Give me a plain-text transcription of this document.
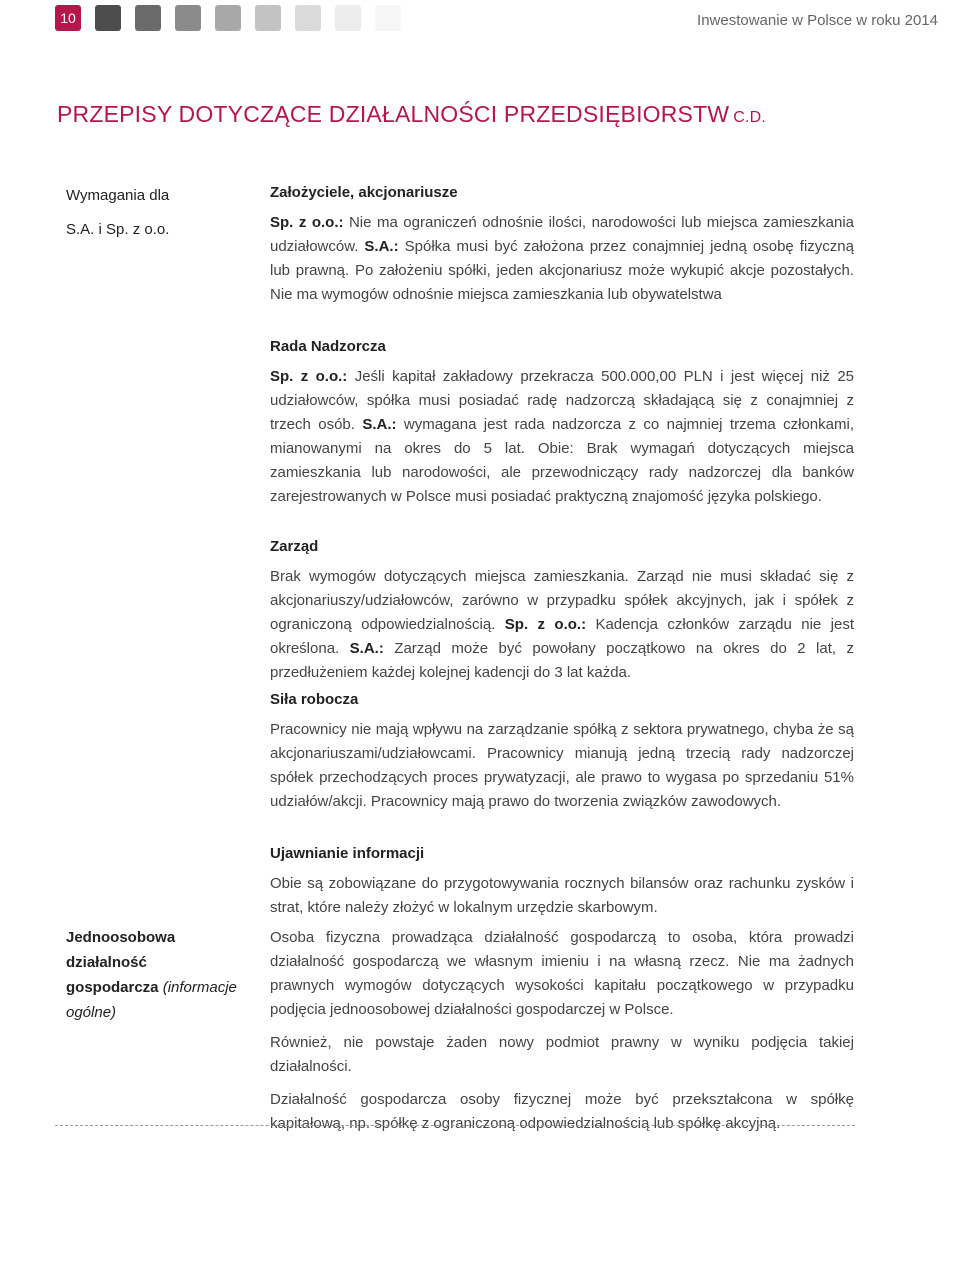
10	Inwestowanie w Polsce w roku 2014
PRZEPISY DOTYCZĄCE DZIAŁALNOŚCI PRZEDSIĘBIORSTW C.D.
Wymagania dla
S.A. i Sp. z o.o.
Jednoosobowa
działalność
gospodarcza (informacje
ogólne)
Założyciele, akcjonariusze

Sp. z o.o.: Nie ma ograniczeń odnośnie ilości, narodowości lub miejsca zamieszkania udziałowców. S.A.: Spółka musi być założona przez conajmniej jedną osobę fizyczną lub prawną. Po założeniu spółki, jeden akcjonariusz może wykupić akcje pozostałych. Nie ma wymogów odnośnie miejsca zamieszkania lub obywatelstwa

Rada Nadzorcza

Sp. z o.o.: Jeśli kapitał zakładowy przekracza 500.000,00 PLN i jest więcej niż 25 udziałowców, spółka musi posiadać radę nadzorczą składającą się z conajmniej z trzech osób. S.A.: wymagana jest rada nadzorcza z co najmniej trzema członkami, mianowanymi na okres do 5 lat. Obie: Brak wymagań dotyczących miejsca zamieszkania lub narodowości, ale przewodniczący rady nadzorczej dla banków zarejestrowanych w Polsce musi posiadać praktyczną znajomość języka polskiego.

Zarząd

Brak wymogów dotyczących miejsca zamieszkania. Zarząd nie musi składać się z akcjonariuszy/udziałowców, zarówno w przypadku spółek akcyjnych, jak i spółek z ograniczoną odpowiedzialnością. Sp. z o.o.: Kadencja członków zarządu nie jest określona. S.A.: Zarząd może być powołany początkowo na okres do 2 lat, z przedłużeniem każdej kolejnej kadencji do 3 lat każda.

Siła robocza

Pracownicy nie mają wpływu na zarządzanie spółką z sektora prywatnego, chyba że są akcjonariuszami/udziałowcami. Pracownicy mianują jedną trzecią rady nadzorczej spółek przechodzących proces prywatyzacji, ale prawo to wygasa po sprzedaniu 51% udziałów/akcji. Pracownicy mają prawo do tworzenia związków zawodowych.

Ujawnianie informacji

Obie są zobowiązane do przygotowywania rocznych bilansów oraz rachunku zysków i strat, które należy złożyć w lokalnym urzędzie skarbowym.

Osoba fizyczna prowadząca działalność gospodarczą to osoba, która prowadzi działalność gospodarczą we własnym imieniu i na własną rzecz. Nie ma żadnych prawnych wymogów dotyczących wysokości kapitału początkowego w przypadku podjęcia jednoosobowej działalności gospodarczej w Polsce.

Również, nie powstaje żaden nowy podmiot prawny w wyniku podjęcia takiej działalności.

Działalność gospodarcza osoby fizycznej może być przekształcona w spółkę kapitałową, np. spółkę z ograniczoną odpowiedzialnością lub spółkę akcyjną.
